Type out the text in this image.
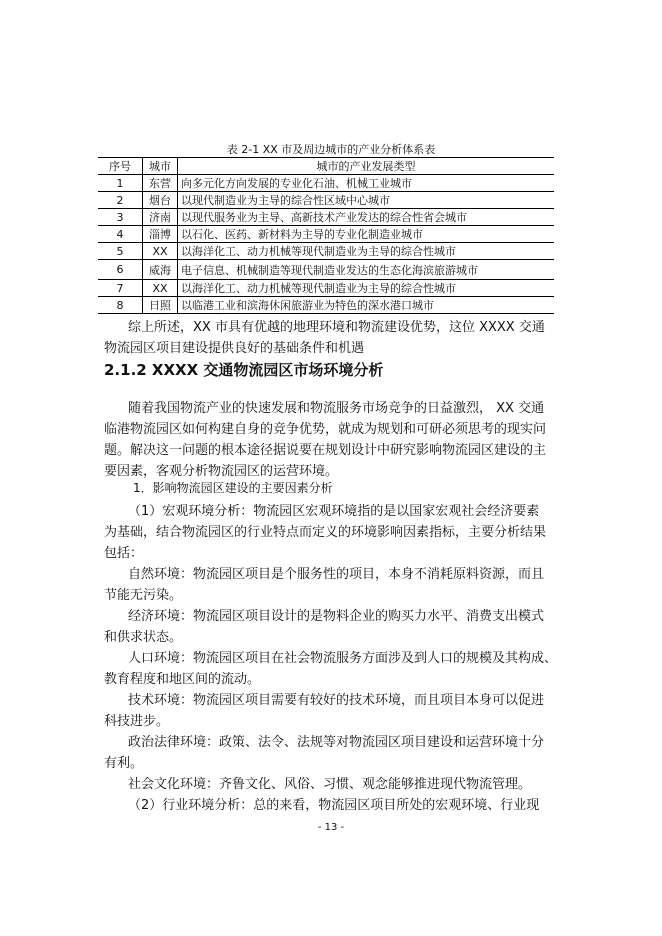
表 2-1 XX 市及周边城市的产业分析体系表
序号	城市	城市的产业发展类型
1	东营	向多元化方向发展的专业化石油、机械工业城市
2	烟台	以现代制造业为主导的综合性区域中心城市
3	济南	以现代服务业为主导、高新技术产业发达的综合性省会城市
4	淄博	以石化、医药、新材料为主导的专业化制造业城市
5	XX	以海洋化工、动力机械等现代制造业为主导的综合性城市
6	威海	电子信息、机械制造等现代制造业发达的生态化海滨旅游城市
7	XX	以海洋化工、动力机械等现代制造业为主导的综合性城市
8	日照	以临港工业和滨海休闲旅游业为特色的深水港口城市
综上所述，XX 市具有优越的地理环境和物流建设优势，这位 XXXX 交通
物流园区项目建设提供良好的基础条件和机遇
2.1.2 XXXX 交通物流园区市场环境分析
随着我国物流产业的快速发展和物流服务市场竞争的日益激烈， XX 交通
临港物流园区如何构建自身的竞争优势，就成为规划和可研必须思考的现实问
题。解决这一问题的根本途径据说要在规划设计中研究影响物流园区建设的主
要因素，客观分析物流园区的运营环境。
1．影响物流园区建设的主要因素分析
（1）宏观环境分析：物流园区宏观环境指的是以国家宏观社会经济要素
为基础，结合物流园区的行业特点而定义的环境影响因素指标，主要分析结果
包括：
自然环境：物流园区项目是个服务性的项目，本身不消耗原料资源，而且
节能无污染。
经济环境：物流园区项目设计的是物料企业的购买力水平、消费支出模式
和供求状态。
人口环境：物流园区项目在社会物流服务方面涉及到人口的规模及其构成、
教育程度和地区间的流动。
技术环境：物流园区项目需要有较好的技术环境，而且项目本身可以促进
科技进步。
政治法律环境：政策、法令、法规等对物流园区项目建设和运营环境十分
有利。
社会文化环境：齐鲁文化、风俗、习惯、观念能够推进现代物流管理。
（2）行业环境分析：总的来看，物流园区项目所处的宏观环境、行业现
- 13 -
